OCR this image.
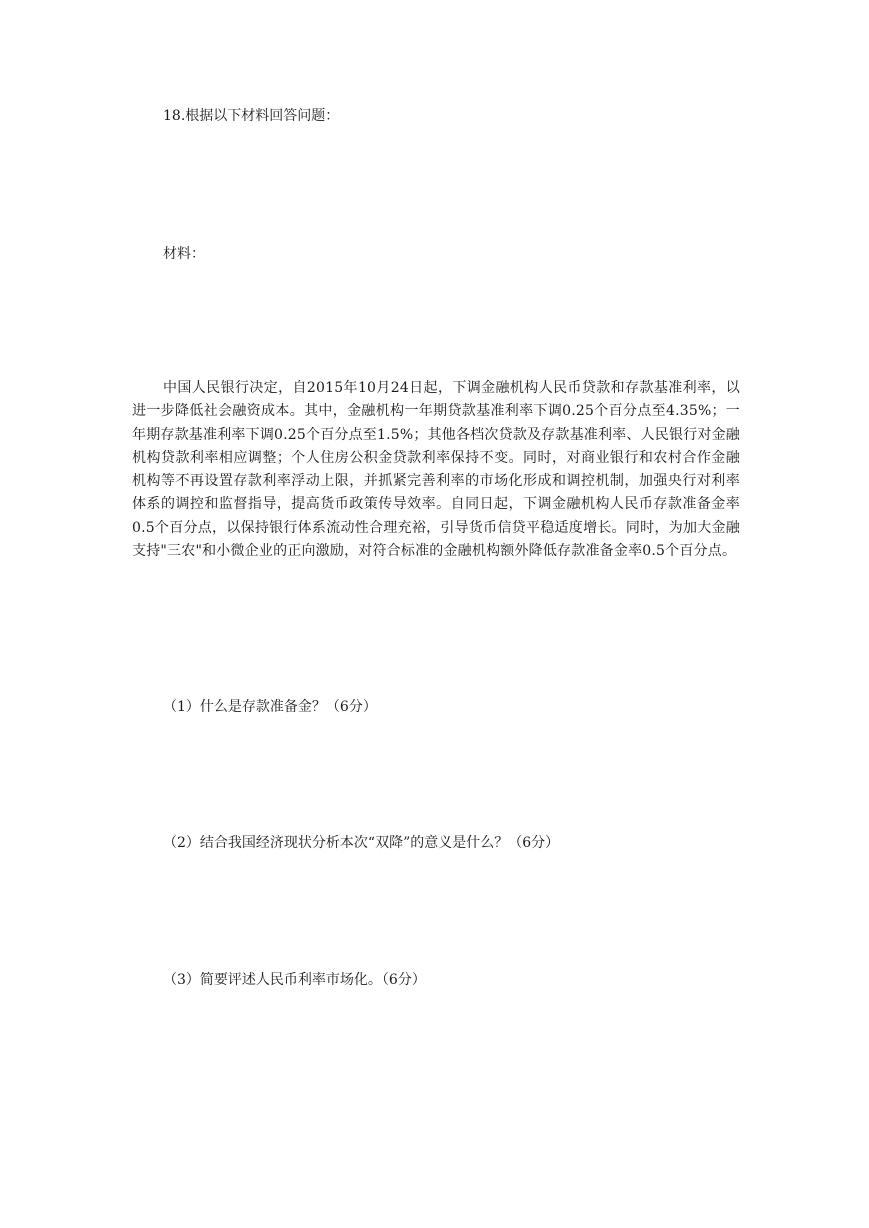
18.根据以下材料回答问题：
材料：
中国人民银行决定，自2015年10月24日起，下调金融机构人民币贷款和存款基准利率，以进一步降低社会融资成本。其中，金融机构一年期贷款基准利率下调0.25个百分点至4.35%；一年期存款基准利率下调0.25个百分点至1.5%；其他各档次贷款及存款基准利率、人民银行对金融机构贷款利率相应调整；个人住房公积金贷款利率保持不变。同时，对商业银行和农村合作金融机构等不再设置存款利率浮动上限，并抓紧完善利率的市场化形成和调控机制，加强央行对利率体系的调控和监督指导，提高货币政策传导效率。自同日起，下调金融机构人民币存款准备金率0.5个百分点，以保持银行体系流动性合理充裕，引导货币信贷平稳适度增长。同时，为加大金融支持"三农"和小微企业的正向激励，对符合标准的金融机构额外降低存款准备金率0.5个百分点。
（1）什么是存款准备金？（6分）
（2）结合我国经济现状分析本次“双降”的意义是什么？（6分）
（3）简要评述人民币利率市场化。（6分）
